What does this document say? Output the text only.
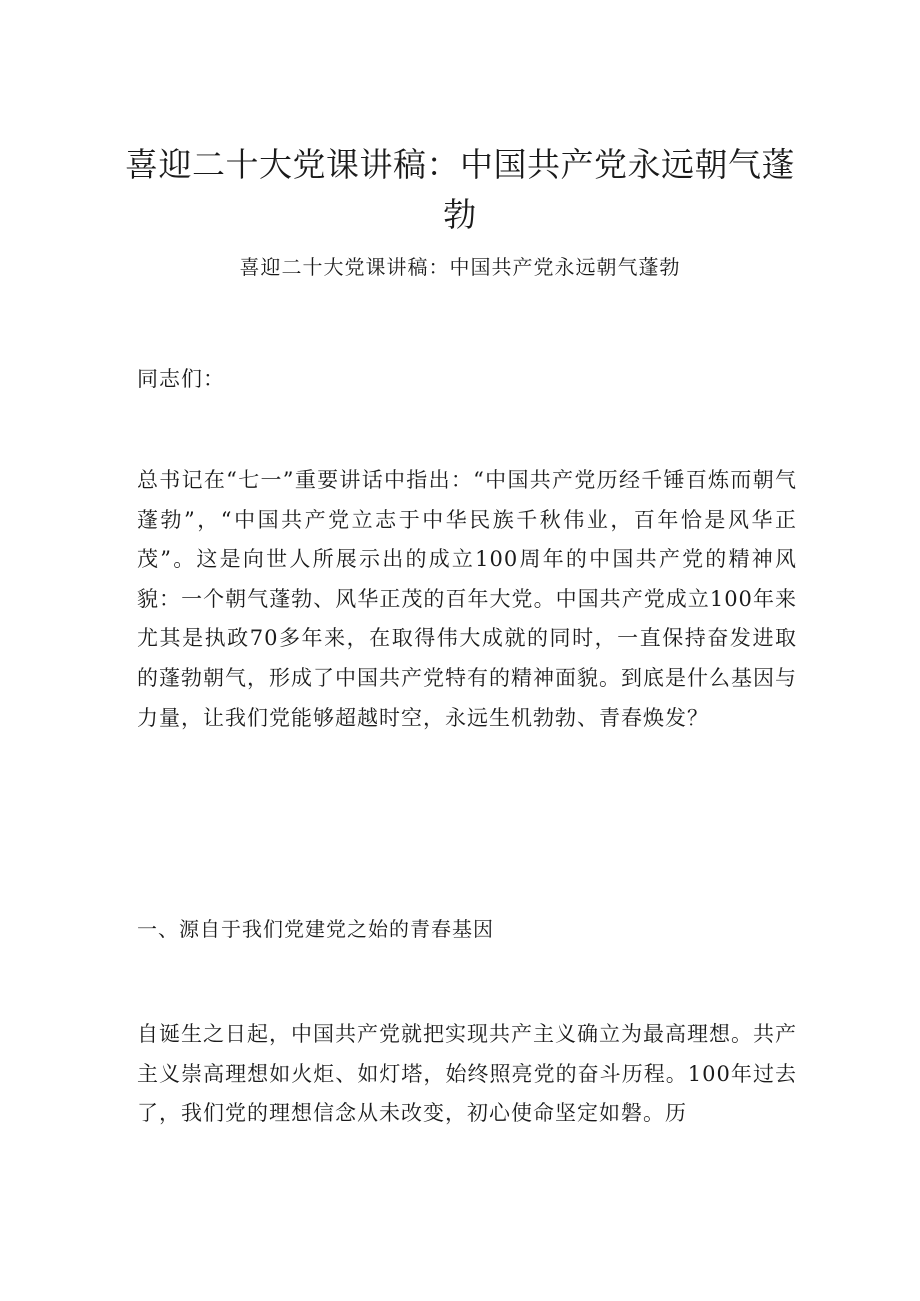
喜迎二十大党课讲稿：中国共产党永远朝气蓬勃

喜迎二十大党课讲稿：中国共产党永远朝气蓬勃

同志们：

总书记在“七一”重要讲话中指出：“中国共产党历经千锤百炼而朝气蓬勃”，“中国共产党立志于中华民族千秋伟业，百年恰是风华正茂”。这是向世人所展示出的成立100周年的中国共产党的精神风貌：一个朝气蓬勃、风华正茂的百年大党。中国共产党成立100年来尤其是执政70多年来，在取得伟大成就的同时，一直保持奋发进取的蓬勃朝气，形成了中国共产党特有的精神面貌。到底是什么基因与力量，让我们党能够超越时空，永远生机勃勃、青春焕发？

一、源自于我们党建党之始的青春基因

自诞生之日起，中国共产党就把实现共产主义确立为最高理想。共产主义崇高理想如火炬、如灯塔，始终照亮党的奋斗历程。100年过去了，我们党的理想信念从未改变，初心使命坚定如磐。历
